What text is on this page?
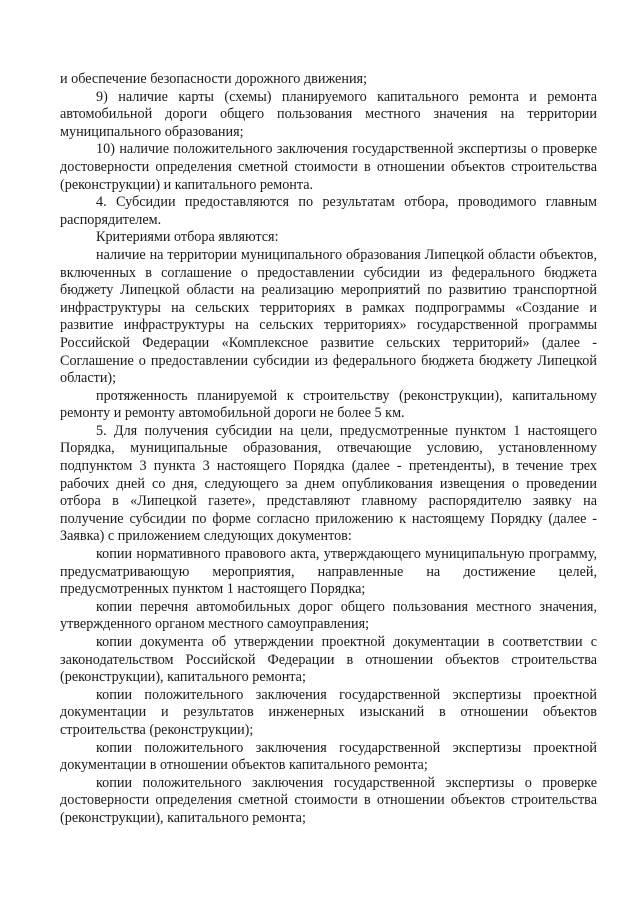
и обеспечение безопасности дорожного движения;

9) наличие карты (схемы) планируемого капитального ремонта и ремонта автомобильной дороги общего пользования местного значения на территории муниципального образования;

10) наличие положительного заключения государственной экспертизы о проверке достоверности определения сметной стоимости в отношении объектов строительства (реконструкции) и капитального ремонта.

4. Субсидии предоставляются по результатам отбора, проводимого главным распорядителем.

Критериями отбора являются:

наличие на территории муниципального образования Липецкой области объектов, включенных в соглашение о предоставлении субсидии из федерального бюджета бюджету Липецкой области на реализацию мероприятий по развитию транспортной инфраструктуры на сельских территориях в рамках подпрограммы «Создание и развитие инфраструктуры на сельских территориях» государственной программы Российской Федерации «Комплексное развитие сельских территорий» (далее - Соглашение о предоставлении субсидии из федерального бюджета бюджету Липецкой области);

протяженность планируемой к строительству (реконструкции), капитальному ремонту и ремонту автомобильной дороги не более 5 км.

5. Для получения субсидии на цели, предусмотренные пунктом 1 настоящего Порядка, муниципальные образования, отвечающие условию, установленному подпунктом 3 пункта 3 настоящего Порядка (далее - претенденты), в течение трех рабочих дней со дня, следующего за днем опубликования извещения о проведении отбора в «Липецкой газете», представляют главному распорядителю заявку на получение субсидии по форме согласно приложению к настоящему Порядку (далее - Заявка) с приложением следующих документов:

копии нормативного правового акта, утверждающего муниципальную программу, предусматривающую мероприятия, направленные на достижение целей, предусмотренных пунктом 1 настоящего Порядка;

копии перечня автомобильных дорог общего пользования местного значения, утвержденного органом местного самоуправления;

копии документа об утверждении проектной документации в соответствии с законодательством Российской Федерации в отношении объектов строительства (реконструкции), капитального ремонта;

копии положительного заключения государственной экспертизы проектной документации и результатов инженерных изысканий в отношении объектов строительства (реконструкции);

копии положительного заключения государственной экспертизы проектной документации в отношении объектов капитального ремонта;

копии положительного заключения государственной экспертизы о проверке достоверности определения сметной стоимости в отношении объектов строительства (реконструкции), капитального ремонта;
